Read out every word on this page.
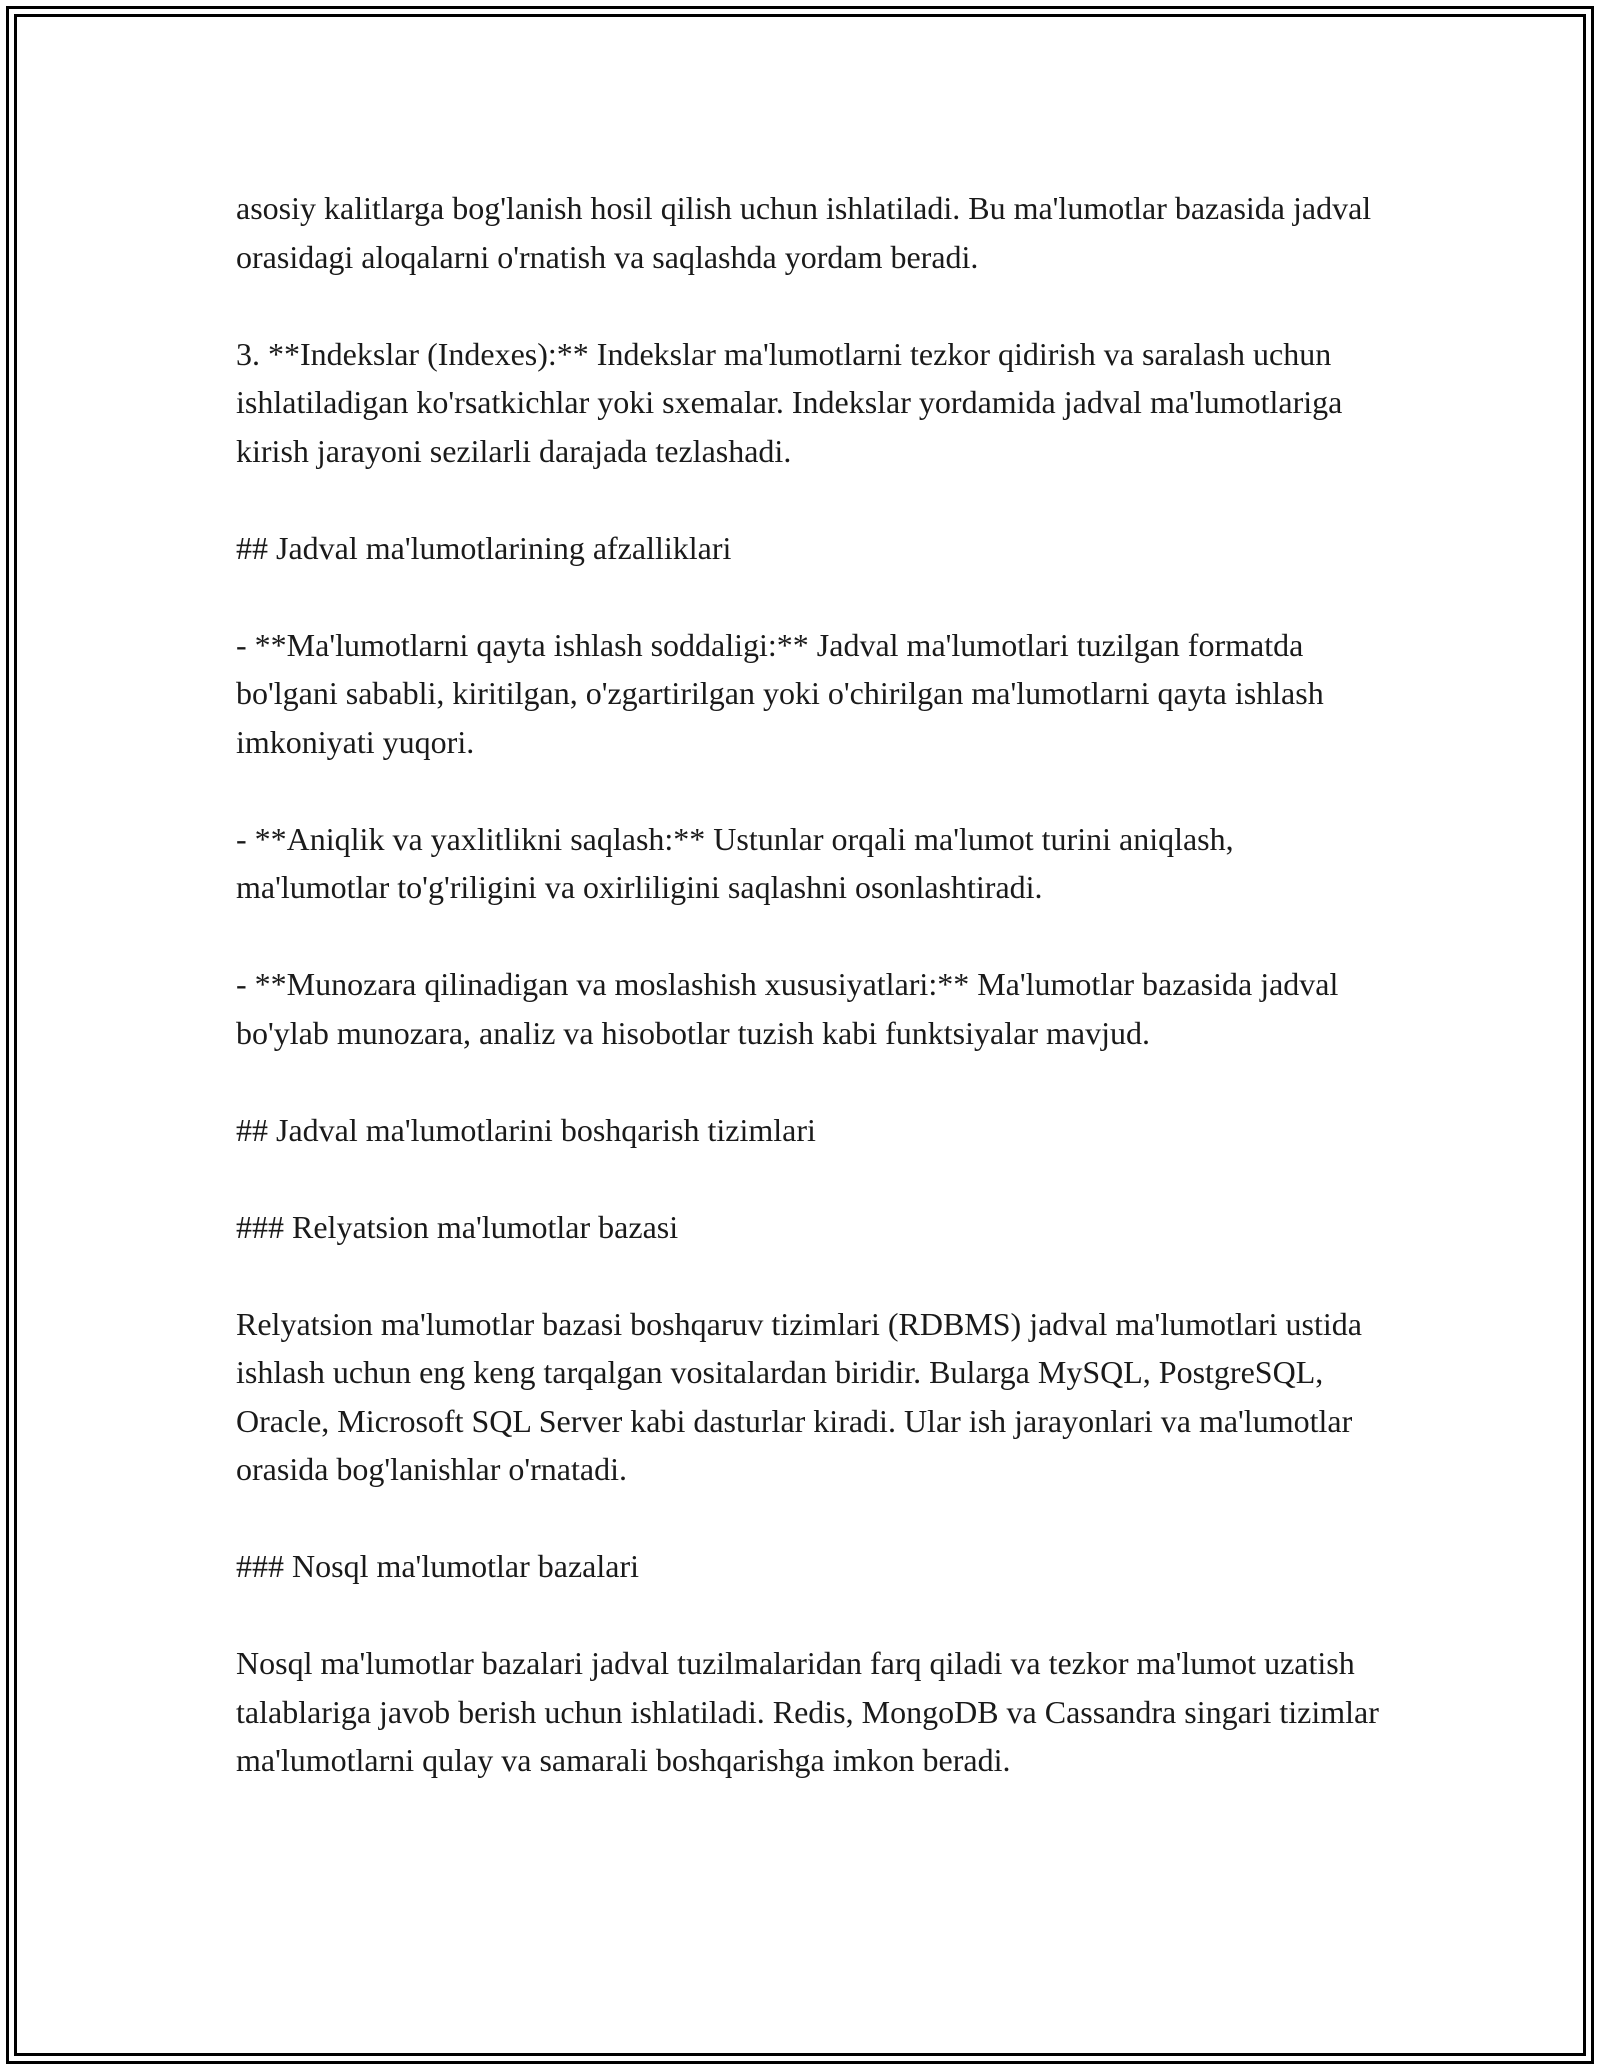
asosiy kalitlarga bog'lanish hosil qilish uchun ishlatiladi. Bu ma'lumotlar bazasida jadval orasidagi aloqalarni o'rnatish va saqlashda yordam beradi.

3. **Indekslar (Indexes):** Indekslar ma'lumotlarni tezkor qidirish va saralash uchun ishlatiladigan ko'rsatkichlar yoki sxemalar. Indekslar yordamida jadval ma'lumotlariga kirish jarayoni sezilarli darajada tezlashadi.

## Jadval ma'lumotlarining afzalliklari

- **Ma'lumotlarni qayta ishlash soddaligi:** Jadval ma'lumotlari tuzilgan formatda bo'lgani sababli, kiritilgan, o'zgartirilgan yoki o'chirilgan ma'lumotlarni qayta ishlash imkoniyati yuqori.

- **Aniqlik va yaxlitlikni saqlash:** Ustunlar orqali ma'lumot turini aniqlash, ma'lumotlar to'g'riligini va oxirliligini saqlashni osonlashtiradi.

- **Munozara qilinadigan va moslashish xususiyatlari:** Ma'lumotlar bazasida jadval bo'ylab munozara, analiz va hisobotlar tuzish kabi funktsiyalar mavjud.

## Jadval ma'lumotlarini boshqarish tizimlari

### Relyatsion ma'lumotlar bazasi

Relyatsion ma'lumotlar bazasi boshqaruv tizimlari (RDBMS) jadval ma'lumotlari ustida ishlash uchun eng keng tarqalgan vositalardan biridir. Bularga MySQL, PostgreSQL, Oracle, Microsoft SQL Server kabi dasturlar kiradi. Ular ish jarayonlari va ma'lumotlar orasida bog'lanishlar o'rnatadi.

### Nosql ma'lumotlar bazalari

Nosql ma'lumotlar bazalari jadval tuzilmalaridan farq qiladi va tezkor ma'lumot uzatish talablariga javob berish uchun ishlatiladi. Redis, MongoDB va Cassandra singari tizimlar ma'lumotlarni qulay va samarali boshqarishga imkon beradi.
